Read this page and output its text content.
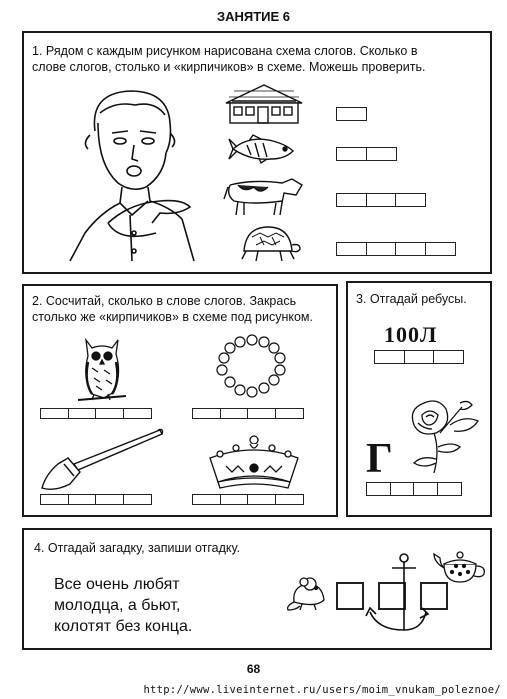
ЗАНЯТИЕ 6
1. Рядом с каждым рисунком нарисована схема слогов. Сколько в
слове слогов, столько и «кирпичиков» в схеме. Можешь проверить.
2. Сосчитай, сколько в слове слогов. Закрась
столько же «кирпичиков» в схеме под рисунком.
3. Отгадай ребусы.
100Л
Г
4. Отгадай загадку, запиши отгадку.
Все очень любят
молодца, а бьют,
колотят без конца.
68
http://www.liveinternet.ru/users/moim_vnukam_poleznoe/
